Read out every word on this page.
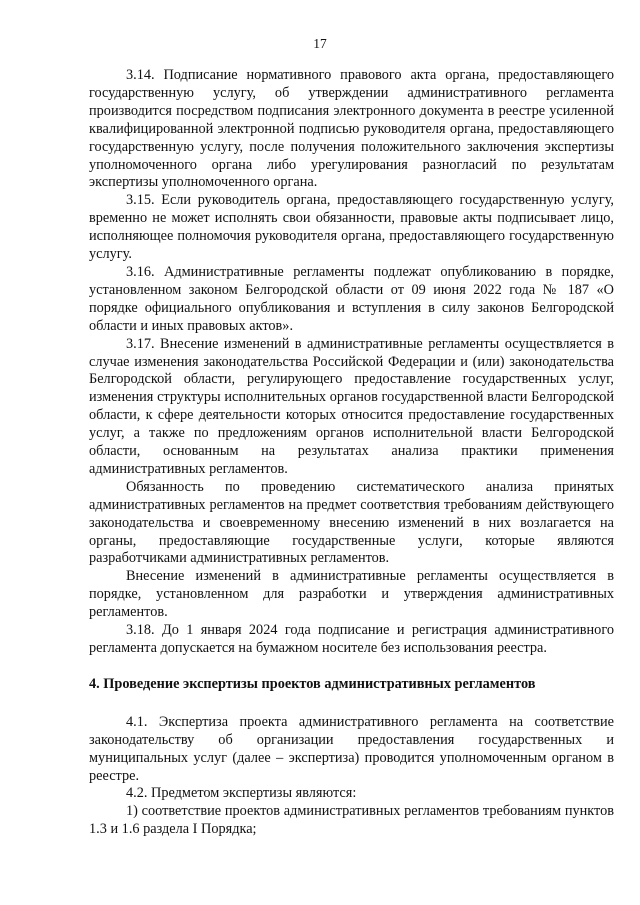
17

3.14. Подписание нормативного правового акта органа, предоставляющего государственную услугу, об утверждении административного регламента производится посредством подписания электронного документа в реестре усиленной квалифицированной электронной подписью руководителя органа, предоставляющего государственную услугу, после получения положительного заключения экспертизы уполномоченного органа либо урегулирования разногласий по результатам экспертизы уполномоченного органа.

3.15. Если руководитель органа, предоставляющего государственную услугу, временно не может исполнять свои обязанности, правовые акты подписывает лицо, исполняющее полномочия руководителя органа, предоставляющего государственную услугу.

3.16. Административные регламенты подлежат опубликованию в порядке, установленном законом Белгородской области от 09 июня 2022 года № 187 «О порядке официального опубликования и вступления в силу законов Белгородской области и иных правовых актов».

3.17. Внесение изменений в административные регламенты осуществляется в случае изменения законодательства Российской Федерации и (или) законодательства Белгородской области, регулирующего предоставление государственных услуг, изменения структуры исполнительных органов государственной власти Белгородской области, к сфере деятельности которых относится предоставление государственных услуг, а также по предложениям органов исполнительной власти Белгородской области, основанным на результатах анализа практики применения административных регламентов.

Обязанность по проведению систематического анализа принятых административных регламентов на предмет соответствия требованиям действующего законодательства и своевременному внесению изменений в них возлагается на органы, предоставляющие государственные услуги, которые являются разработчиками административных регламентов.

Внесение изменений в административные регламенты осуществляется в порядке, установленном для разработки и утверждения административных регламентов.

3.18. До 1 января 2024 года подписание и регистрация административного регламента допускается на бумажном носителе без использования реестра.

4. Проведение экспертизы проектов административных регламентов

4.1. Экспертиза проекта административного регламента на соответствие законодательству об организации предоставления государственных и муниципальных услуг (далее – экспертиза) проводится уполномоченным органом в реестре.

4.2. Предметом экспертизы являются:

1) соответствие проектов административных регламентов требованиям пунктов 1.3 и 1.6 раздела I Порядка;
